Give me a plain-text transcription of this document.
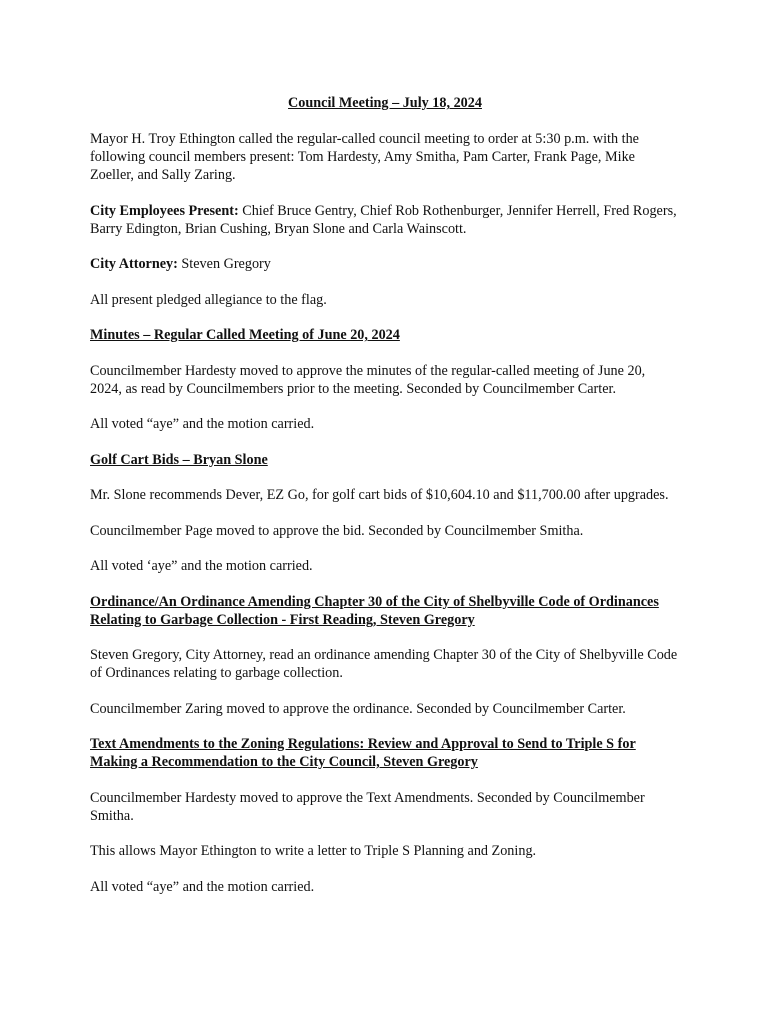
Council Meeting – July 18, 2024

Mayor H. Troy Ethington called the regular-called council meeting to order at 5:30 p.m. with the following council members present: Tom Hardesty, Amy Smitha, Pam Carter, Frank Page, Mike Zoeller, and Sally Zaring.

City Employees Present: Chief Bruce Gentry, Chief Rob Rothenburger, Jennifer Herrell, Fred Rogers, Barry Edington, Brian Cushing, Bryan Slone and Carla Wainscott.

City Attorney: Steven Gregory

All present pledged allegiance to the flag.

Minutes – Regular Called Meeting of June 20, 2024

Councilmember Hardesty moved to approve the minutes of the regular-called meeting of June 20, 2024, as read by Councilmembers prior to the meeting. Seconded by Councilmember Carter.

All voted “aye” and the motion carried.

Golf Cart Bids – Bryan Slone

Mr. Slone recommends Dever, EZ Go, for golf cart bids of $10,604.10 and $11,700.00 after upgrades.

Councilmember Page moved to approve the bid. Seconded by Councilmember Smitha.

All voted ‘aye” and the motion carried.

Ordinance/An Ordinance Amending Chapter 30 of the City of Shelbyville Code of Ordinances Relating to Garbage Collection - First Reading, Steven Gregory

Steven Gregory, City Attorney, read an ordinance amending Chapter 30 of the City of Shelbyville Code of Ordinances relating to garbage collection.

Councilmember Zaring moved to approve the ordinance. Seconded by Councilmember Carter.

Text Amendments to the Zoning Regulations: Review and Approval to Send to Triple S for Making a Recommendation to the City Council, Steven Gregory

Councilmember Hardesty moved to approve the Text Amendments. Seconded by Councilmember Smitha.

This allows Mayor Ethington to write a letter to Triple S Planning and Zoning.

All voted “aye” and the motion carried.
